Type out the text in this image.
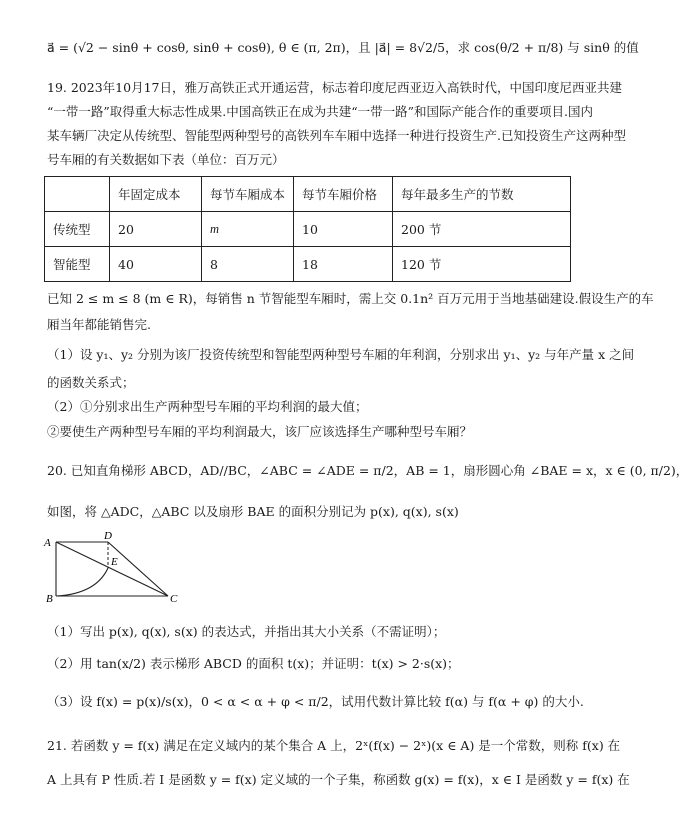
a⃗ = (√2 − sinθ + cosθ, sinθ + cosθ), θ ∈ (π, 2π)，且 |a⃗| = 8√2/5，求 cos(θ/2 + π/8) 与 sinθ 的值
19. 2023年10月17日，雅万高铁正式开通运营，标志着印度尼西亚迈入高铁时代，中国印度尼西亚共建
“一带一路”取得重大标志性成果.中国高铁正在成为共建“一带一路”和国际产能合作的重要项目.国内
某车辆厂决定从传统型、智能型两种型号的高铁列车车厢中选择一种进行投资生产.已知投资生产这两种型
号车厢的有关数据如下表（单位：百万元）
	年固定成本	每节车厢成本	每节车厢价格	每年最多生产的节数
传统型	20	m	10	200 节
智能型	40	8	18	120 节
已知 2 ≤ m ≤ 8 (m ∈ R)，每销售 n 节智能型车厢时，需上交 0.1n² 百万元用于当地基础建设.假设生产的车
厢当年都能销售完.
（1）设 y₁、y₂ 分别为该厂投资传统型和智能型两种型号车厢的年利润，分别求出 y₁、y₂ 与年产量 x 之间
的函数关系式；
（2）①分别求出生产两种型号车厢的平均利润的最大值；
②要使生产两种型号车厢的平均利润最大，该厂应该选择生产哪种型号车厢？
20. 已知直角梯形 ABCD，AD//BC，∠ABC = ∠ADE = π/2，AB = 1，扇形圆心角 ∠BAE = x，x ∈ (0, π/2)，
如图，将 △ADC，△ABC 以及扇形 BAE 的面积分别记为 p(x), q(x), s(x)
A
D
E
B	C
（1）写出 p(x), q(x), s(x) 的表达式，并指出其大小关系（不需证明）；
（2）用 tan(x/2) 表示梯形 ABCD 的面积 t(x)；并证明：t(x) > 2·s(x)；
（3）设 f(x) = p(x)/s(x)，0 < α < α + φ < π/2，试用代数计算比较 f(α) 与 f(α + φ) 的大小.
21. 若函数 y = f(x) 满足在定义域内的某个集合 A 上，2ˣ(f(x) − 2ˣ)(x ∈ A) 是一个常数，则称 f(x) 在
A 上具有 P 性质.若 I 是函数 y = f(x) 定义域的一个子集，称函数 g(x) = f(x)，x ∈ I 是函数 y = f(x) 在
